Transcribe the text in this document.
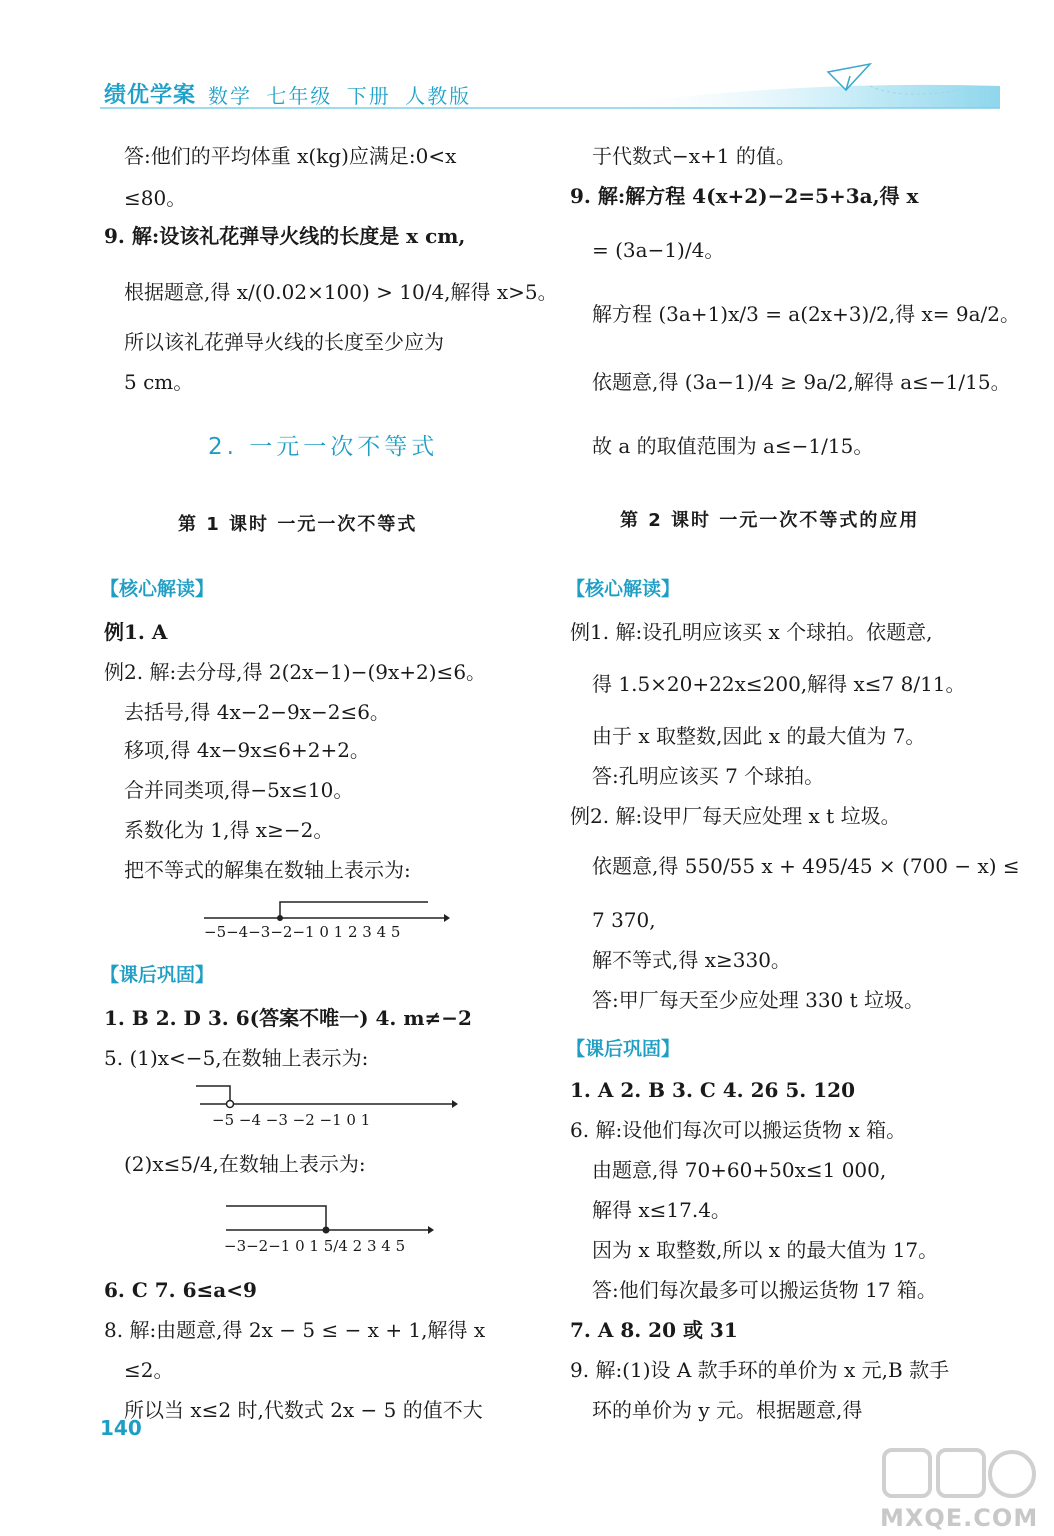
绩优学案 数学 七年级 下册 人教版
答:他们的平均体重 x(kg)应满足:0<x
≤80。
9. 解:设该礼花弹导火线的长度是 x cm,
根据题意,得 x/(0.02×100) > 10/4,解得 x>5。
所以该礼花弹导火线的长度至少应为
5 cm。
2. 一元一次不等式
第 1 课时 一元一次不等式
【核心解读】
例1. A
例2. 解:去分母,得 2(2x−1)−(9x+2)≤6。
去括号,得 4x−2−9x−2≤6。
移项,得 4x−9x≤6+2+2。
合并同类项,得−5x≤10。
系数化为 1,得 x≥−2。
把不等式的解集在数轴上表示为:
−5−4−3−2−1 0 1 2 3 4 5
【课后巩固】
1. B 2. D 3. 6(答案不唯一) 4. m≠−2
5. (1)x<−5,在数轴上表示为:
−5 −4 −3 −2 −1 0 1
(2)x≤5/4,在数轴上表示为:
−3−2−1 0 1 5/4 2 3 4 5
6. C 7. 6≤a<9
8. 解:由题意,得 2x − 5 ≤ − x + 1,解得 x
≤2。
所以当 x≤2 时,代数式 2x − 5 的值不大
于代数式−x+1 的值。
9. 解:解方程 4(x+2)−2=5+3a,得 x
= (3a−1)/4。
解方程 (3a+1)x/3 = a(2x+3)/2,得 x= 9a/2。
依题意,得 (3a−1)/4 ≥ 9a/2,解得 a≤−1/15。
故 a 的取值范围为 a≤−1/15。
第 2 课时 一元一次不等式的应用
【核心解读】
例1. 解:设孔明应该买 x 个球拍。依题意,
得 1.5×20+22x≤200,解得 x≤7 8/11。
由于 x 取整数,因此 x 的最大值为 7。
答:孔明应该买 7 个球拍。
例2. 解:设甲厂每天应处理 x t 垃圾。
依题意,得 550/55 x + 495/45 × (700 − x) ≤
7 370,
解不等式,得 x≥330。
答:甲厂每天至少应处理 330 t 垃圾。
【课后巩固】
1. A 2. B 3. C 4. 26 5. 120
6. 解:设他们每次可以搬运货物 x 箱。
由题意,得 70+60+50x≤1 000,
解得 x≤17.4。
因为 x 取整数,所以 x 的最大值为 17。
答:他们每次最多可以搬运货物 17 箱。
7. A 8. 20 或 31
9. 解:(1)设 A 款手环的单价为 x 元,B 款手
环的单价为 y 元。根据题意,得
140
MXQE.COM
